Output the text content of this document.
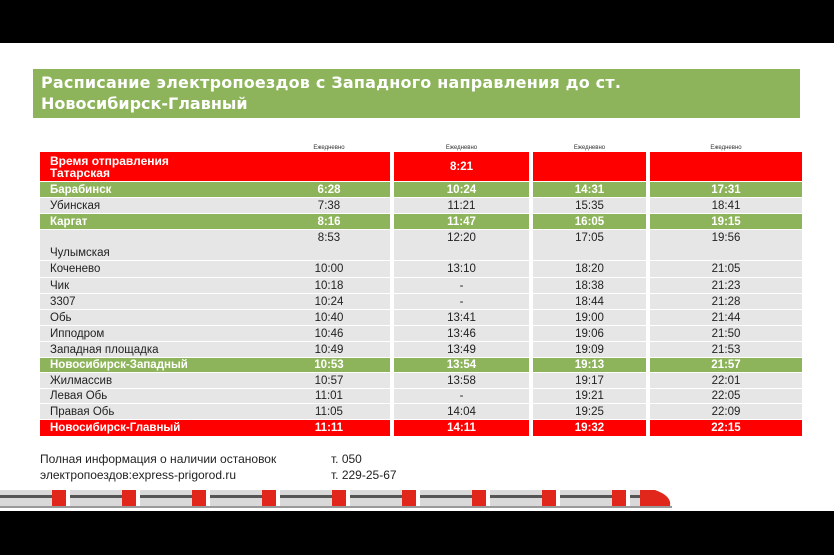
Расписание электропоездов с Западного направления до ст.
Новосибирск-Главный
	Ежедневно		Ежедневно		Ежедневно		Ежедневно

Время отправления
Татарская			8:21				
Барабинск	6:28		10:24		14:31		17:31
Убинская	7:38		11:21		15:35		18:41
Каргат	8:16		11:47		16:05		19:15
Чулымская	8:53		12:20		17:05		19:56
Коченево	10:00		13:10		18:20		21:05
Чик	10:18		-		18:38		21:23
3307	10:24		-		18:44		21:28
Обь	10:40		13:41		19:00		21:44
Ипподром	10:46		13:46		19:06		21:50
Западная площадка	10:49		13:49		19:09		21:53
Новосибирск-Западный	10:53		13:54		19:13		21:57
Жилмассив	10:57		13:58		19:17		22:01
Левая Обь	11:01		-		19:21		22:05
Правая Обь	11:05		14:04		19:25		22:09
Новосибирск-Главный	11:11		14:11		19:32		22:15
Полная информация о наличии остановок	т. 050
электропоездов:express-prigorod.ru	т. 229-25-67
